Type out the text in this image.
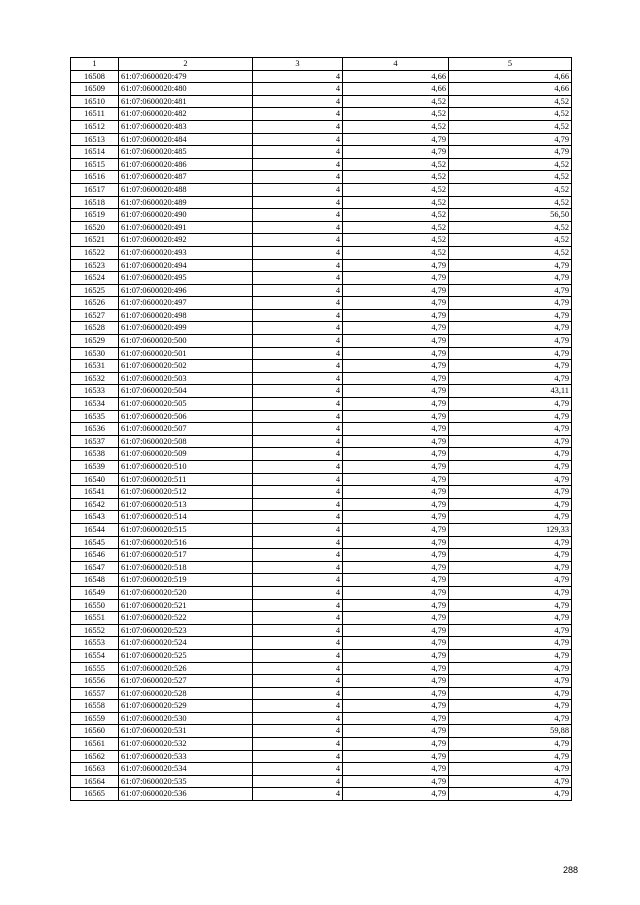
1	2	3	4	5
16508	61:07:0600020:479	4	4,66	4,66
16509	61:07:0600020:480	4	4,66	4,66
16510	61:07:0600020:481	4	4,52	4,52
16511	61:07:0600020:482	4	4,52	4,52
16512	61:07:0600020:483	4	4,52	4,52
16513	61:07:0600020:484	4	4,79	4,79
16514	61:07:0600020:485	4	4,79	4,79
16515	61:07:0600020:486	4	4,52	4,52
16516	61:07:0600020:487	4	4,52	4,52
16517	61:07:0600020:488	4	4,52	4,52
16518	61:07:0600020:489	4	4,52	4,52
16519	61:07:0600020:490	4	4,52	56,50
16520	61:07:0600020:491	4	4,52	4,52
16521	61:07:0600020:492	4	4,52	4,52
16522	61:07:0600020:493	4	4,52	4,52
16523	61:07:0600020:494	4	4,79	4,79
16524	61:07:0600020:495	4	4,79	4,79
16525	61:07:0600020:496	4	4,79	4,79
16526	61:07:0600020:497	4	4,79	4,79
16527	61:07:0600020:498	4	4,79	4,79
16528	61:07:0600020:499	4	4,79	4,79
16529	61:07:0600020:500	4	4,79	4,79
16530	61:07:0600020:501	4	4,79	4,79
16531	61:07:0600020:502	4	4,79	4,79
16532	61:07:0600020:503	4	4,79	4,79
16533	61:07:0600020:504	4	4,79	43,11
16534	61:07:0600020:505	4	4,79	4,79
16535	61:07:0600020:506	4	4,79	4,79
16536	61:07:0600020:507	4	4,79	4,79
16537	61:07:0600020:508	4	4,79	4,79
16538	61:07:0600020:509	4	4,79	4,79
16539	61:07:0600020:510	4	4,79	4,79
16540	61:07:0600020:511	4	4,79	4,79
16541	61:07:0600020:512	4	4,79	4,79
16542	61:07:0600020:513	4	4,79	4,79
16543	61:07:0600020:514	4	4,79	4,79
16544	61:07:0600020:515	4	4,79	129,33
16545	61:07:0600020:516	4	4,79	4,79
16546	61:07:0600020:517	4	4,79	4,79
16547	61:07:0600020:518	4	4,79	4,79
16548	61:07:0600020:519	4	4,79	4,79
16549	61:07:0600020:520	4	4,79	4,79
16550	61:07:0600020:521	4	4,79	4,79
16551	61:07:0600020:522	4	4,79	4,79
16552	61:07:0600020:523	4	4,79	4,79
16553	61:07:0600020:524	4	4,79	4,79
16554	61:07:0600020:525	4	4,79	4,79
16555	61:07:0600020:526	4	4,79	4,79
16556	61:07:0600020:527	4	4,79	4,79
16557	61:07:0600020:528	4	4,79	4,79
16558	61:07:0600020:529	4	4,79	4,79
16559	61:07:0600020:530	4	4,79	4,79
16560	61:07:0600020:531	4	4,79	59,88
16561	61:07:0600020:532	4	4,79	4,79
16562	61:07:0600020:533	4	4,79	4,79
16563	61:07:0600020:534	4	4,79	4,79
16564	61:07:0600020:535	4	4,79	4,79
16565	61:07:0600020:536	4	4,79	4,79
288
